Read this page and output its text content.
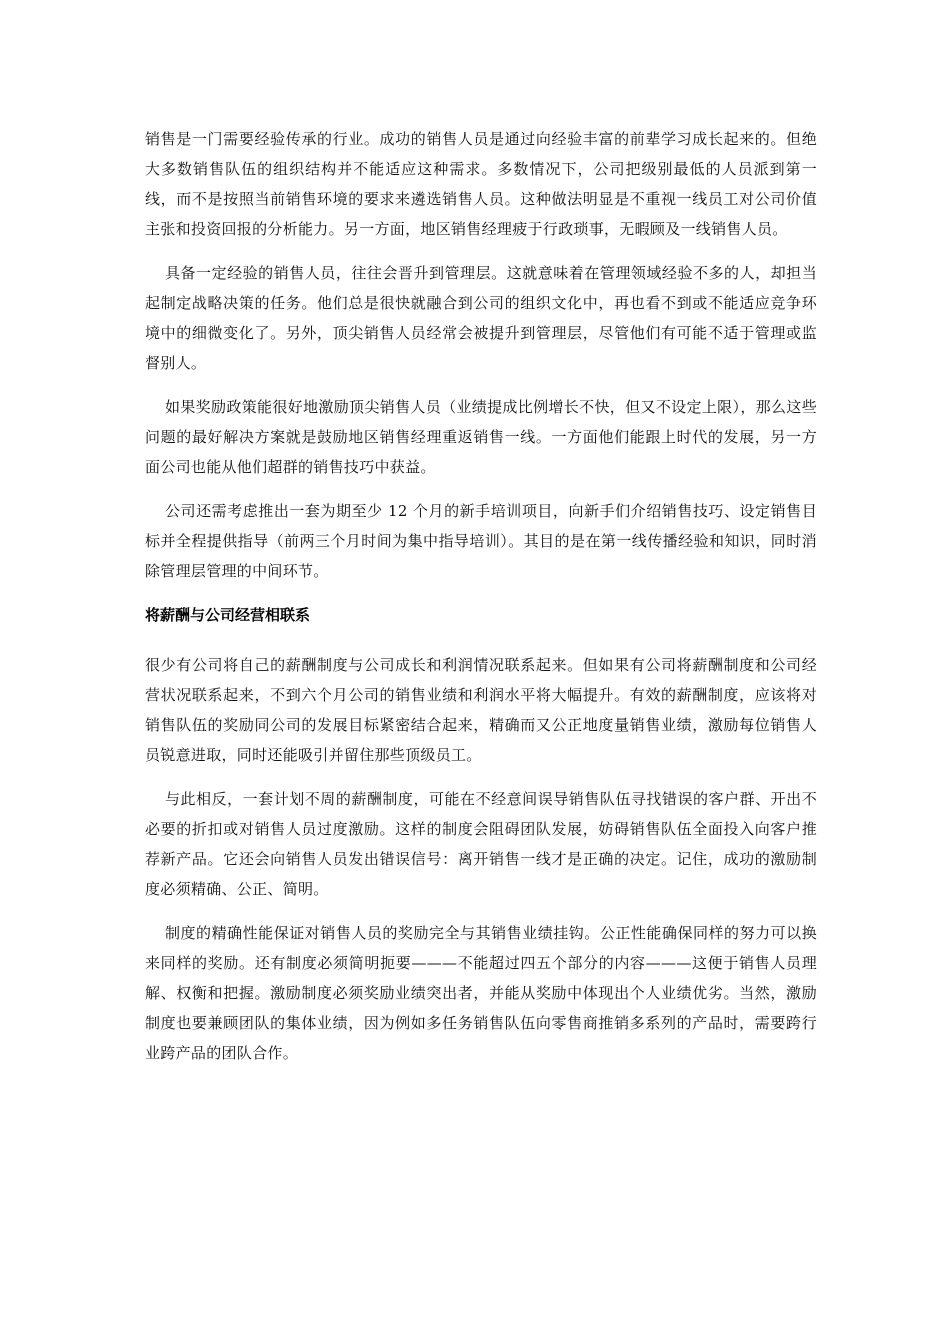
销售是一门需要经验传承的行业。成功的销售人员是通过向经验丰富的前辈学习成长起来的。但绝大多数销售队伍的组织结构并不能适应这种需求。多数情况下，公司把级别最低的人员派到第一线，而不是按照当前销售环境的要求来遴选销售人员。这种做法明显是不重视一线员工对公司价值主张和投资回报的分析能力。另一方面，地区销售经理疲于行政琐事，无暇顾及一线销售人员。

具备一定经验的销售人员，往往会晋升到管理层。这就意味着在管理领域经验不多的人，却担当起制定战略决策的任务。他们总是很快就融合到公司的组织文化中，再也看不到或不能适应竞争环境中的细微变化了。另外，顶尖销售人员经常会被提升到管理层，尽管他们有可能不适于管理或监督别人。

如果奖励政策能很好地激励顶尖销售人员（业绩提成比例增长不快，但又不设定上限），那么这些问题的最好解决方案就是鼓励地区销售经理重返销售一线。一方面他们能跟上时代的发展，另一方面公司也能从他们超群的销售技巧中获益。

公司还需考虑推出一套为期至少 12 个月的新手培训项目，向新手们介绍销售技巧、设定销售目标并全程提供指导（前两三个月时间为集中指导培训）。其目的是在第一线传播经验和知识，同时消除管理层管理的中间环节。

将薪酬与公司经营相联系

很少有公司将自己的薪酬制度与公司成长和利润情况联系起来。但如果有公司将薪酬制度和公司经营状况联系起来，不到六个月公司的销售业绩和利润水平将大幅提升。有效的薪酬制度，应该将对销售队伍的奖励同公司的发展目标紧密结合起来，精确而又公正地度量销售业绩，激励每位销售人员锐意进取，同时还能吸引并留住那些顶级员工。

与此相反，一套计划不周的薪酬制度，可能在不经意间误导销售队伍寻找错误的客户群、开出不必要的折扣或对销售人员过度激励。这样的制度会阻碍团队发展，妨碍销售队伍全面投入向客户推荐新产品。它还会向销售人员发出错误信号：离开销售一线才是正确的决定。记住，成功的激励制度必须精确、公正、简明。

制度的精确性能保证对销售人员的奖励完全与其销售业绩挂钩。公正性能确保同样的努力可以换来同样的奖励。还有制度必须简明扼要———不能超过四五个部分的内容———这便于销售人员理解、权衡和把握。激励制度必须奖励业绩突出者，并能从奖励中体现出个人业绩优劣。当然，激励制度也要兼顾团队的集体业绩，因为例如多任务销售队伍向零售商推销多系列的产品时，需要跨行业跨产品的团队合作。
